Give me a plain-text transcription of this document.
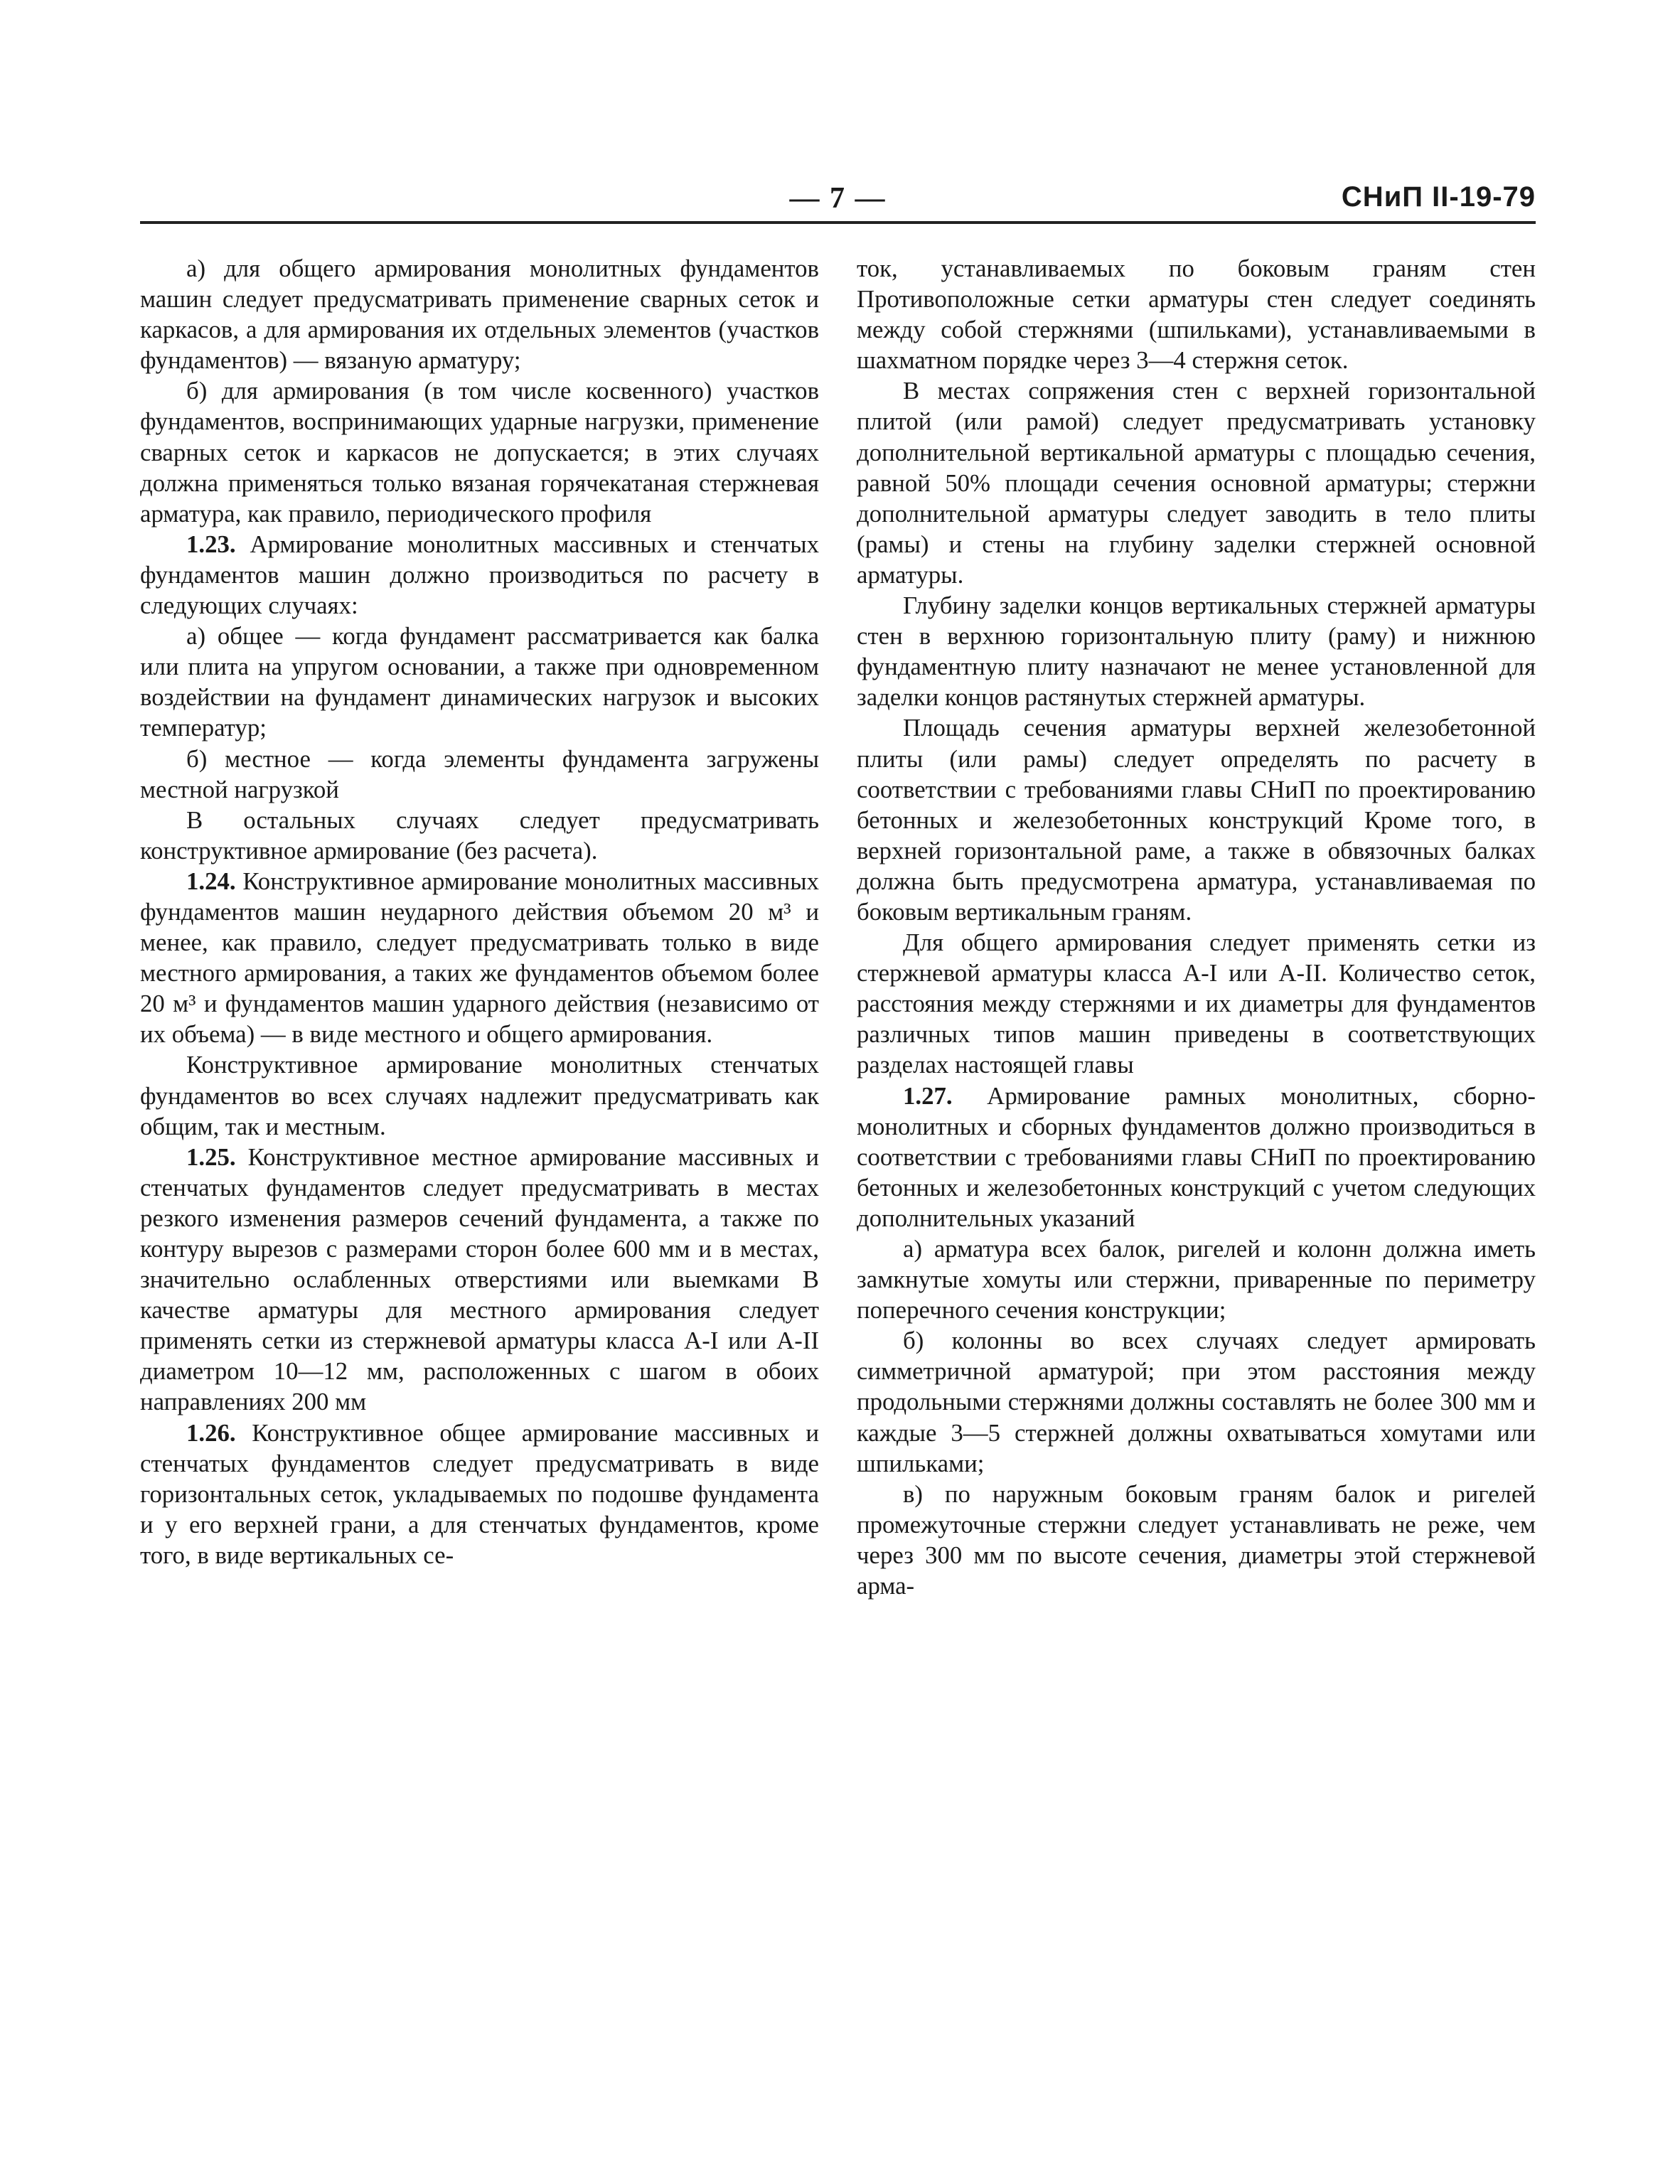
— 7 —	СНиП II-19-79

а) для общего армирования монолитных фундаментов машин следует предусматривать применение сварных сеток и каркасов, а для армирования их отдельных элементов (участков фундаментов) — вязаную арматуру;

б) для армирования (в том числе косвенного) участков фундаментов, воспринимающих ударные нагрузки, применение сварных сеток и каркасов не допускается; в этих случаях должна применяться только вязаная горячекатаная стержневая арматура, как правило, периодического профиля

1.23. Армирование монолитных массивных и стенчатых фундаментов машин должно производиться по расчету в следующих случаях:

а) общее — когда фундамент рассматривается как балка или плита на упругом основании, а также при одновременном воздействии на фундамент динамических нагрузок и высоких температур;

б) местное — когда элементы фундамента загружены местной нагрузкой

В остальных случаях следует предусматривать конструктивное армирование (без расчета).

1.24. Конструктивное армирование монолитных массивных фундаментов машин неударного действия объемом 20 м³ и менее, как правило, следует предусматривать только в виде местного армирования, а таких же фундаментов объемом более 20 м³ и фундаментов машин ударного действия (независимо от их объема) — в виде местного и общего армирования.

Конструктивное армирование монолитных стенчатых фундаментов во всех случаях надлежит предусматривать как общим, так и местным.

1.25. Конструктивное местное армирование массивных и стенчатых фундаментов следует предусматривать в местах резкого изменения размеров сечений фундамента, а также по контуру вырезов с размерами сторон более 600 мм и в местах, значительно ослабленных отверстиями или выемками В качестве арматуры для местного армирования следует применять сетки из стержневой арматуры класса А-I или А-II диаметром 10—12 мм, расположенных с шагом в обоих направлениях 200 мм

1.26. Конструктивное общее армирование массивных и стенчатых фундаментов следует предусматривать в виде горизонтальных сеток, укладываемых по подошве фундамента и у его верхней грани, а для стенчатых фундаментов, кроме того, в виде вертикальных се-

ток, устанавливаемых по боковым граням стен Противоположные сетки арматуры стен следует соединять между собой стержнями (шпильками), устанавливаемыми в шахматном порядке через 3—4 стержня сеток.

В местах сопряжения стен с верхней горизонтальной плитой (или рамой) следует предусматривать установку дополнительной вертикальной арматуры с площадью сечения, равной 50% площади сечения основной арматуры; стержни дополнительной арматуры следует заводить в тело плиты (рамы) и стены на глубину заделки стержней основной арматуры.

Глубину заделки концов вертикальных стержней арматуры стен в верхнюю горизонтальную плиту (раму) и нижнюю фундаментную плиту назначают не менее установленной для заделки концов растянутых стержней арматуры.

Площадь сечения арматуры верхней железобетонной плиты (или рамы) следует определять по расчету в соответствии с требованиями главы СНиП по проектированию бетонных и железобетонных конструкций Кроме того, в верхней горизонтальной раме, а также в обвязочных балках должна быть предусмотрена арматура, устанавливаемая по боковым вертикальным граням.

Для общего армирования следует применять сетки из стержневой арматуры класса А-I или А-II. Количество сеток, расстояния между стержнями и их диаметры для фундаментов различных типов машин приведены в соответствующих разделах настоящей главы

1.27. Армирование рамных монолитных, сборно-монолитных и сборных фундаментов должно производиться в соответствии с требованиями главы СНиП по проектированию бетонных и железобетонных конструкций с учетом следующих дополнительных указаний

а) арматура всех балок, ригелей и колонн должна иметь замкнутые хомуты или стержни, приваренные по периметру поперечного сечения конструкции;

б) колонны во всех случаях следует армировать симметричной арматурой; при этом расстояния между продольными стержнями должны составлять не более 300 мм и каждые 3—5 стержней должны охватываться хомутами или шпильками;

в) по наружным боковым граням балок и ригелей промежуточные стержни следует устанавливать не реже, чем через 300 мм по высоте сечения, диаметры этой стержневой арма-
